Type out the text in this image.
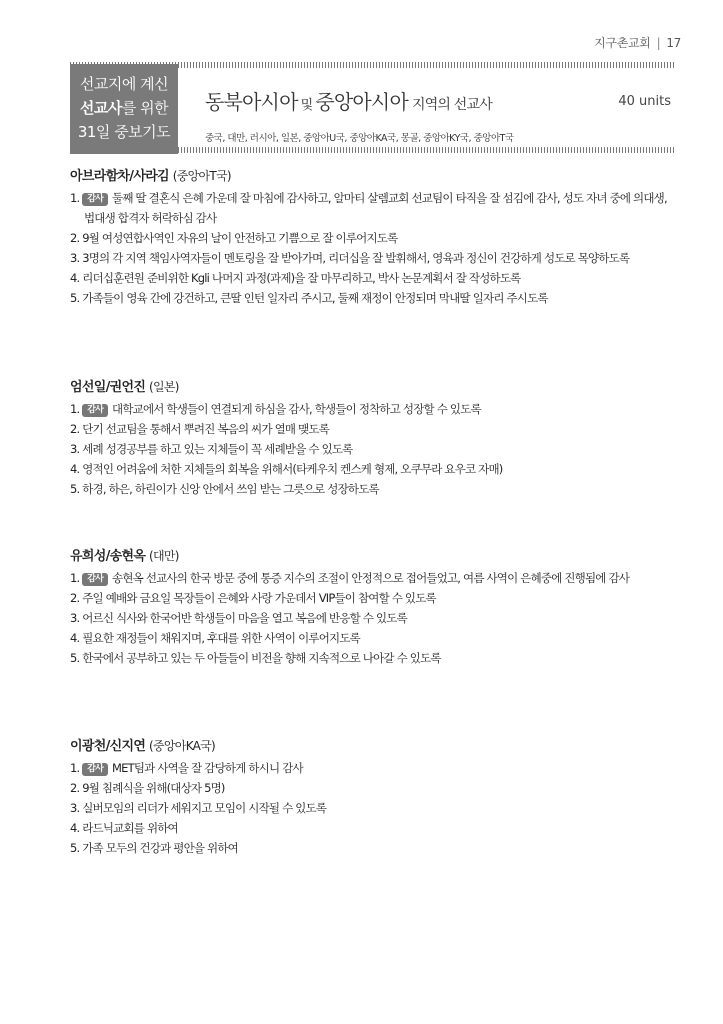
지구촌교회 | 17
선교지에 계신
선교사를 위한
31일 중보기도
동북아시아 및 중앙아시아 지역의 선교사	40 units
중국, 대만, 러시아, 일본, 중앙아U국, 중앙아KA국, 몽골, 중앙아KY국, 중앙아T국
아브라함차/사라김 (중앙아T국)
1. 감사 둘째 딸 결혼식 은혜 가운데 잘 마침에 감사하고, 알마티 살렘교회 선교팀이 타직을 잘 섬김에 감사, 성도 자녀 중에 의대생, 법대생 합격자 허락하심 감사
2. 9월 여성연합사역인 자유의 날이 안전하고 기쁨으로 잘 이루어지도록
3. 3명의 각 지역 책임사역자들이 멘토링을 잘 받아가며, 리더십을 잘 발휘해서, 영육과 정신이 건강하게 성도로 목양하도록
4. 리더십훈련원 준비위한 Kgli 나머지 과정(과제)을 잘 마무리하고, 박사 논문계획서 잘 작성하도록
5. 가족들이 영육 간에 강건하고, 큰딸 인턴 일자리 주시고, 둘째 재정이 안정되며 막내딸 일자리 주시도록
엄선일/권언진 (일본)
1. 감사 대학교에서 학생들이 연결되게 하심을 감사, 학생들이 정착하고 성장할 수 있도록
2. 단기 선교팀을 통해서 뿌려진 복음의 씨가 열매 맺도록
3. 세례 성경공부를 하고 있는 지체들이 꼭 세례받을 수 있도록
4. 영적인 어려움에 처한 지체들의 회복을 위해서(타케우치 켄스케 형제, 오쿠무라 요우코 자매)
5. 하경, 하은, 하린이가 신앙 안에서 쓰임 받는 그릇으로 성장하도록
유희성/송현옥 (대만)
1. 감사 송현옥 선교사의 한국 방문 중에 통증 지수의 조절이 안정적으로 접어들었고, 여름 사역이 은혜중에 진행됨에 감사
2. 주일 예배와 금요일 목장들이 은혜와 사랑 가운데서 VIP들이 참여할 수 있도록
3. 어르신 식사와 한국어반 학생들이 마음을 열고 복음에 반응할 수 있도록
4. 필요한 재정들이 채워지며, 후대를 위한 사역이 이루어지도록
5. 한국에서 공부하고 있는 두 아들들이 비전을 향해 지속적으로 나아갈 수 있도록
이광천/신지연 (중앙아KA국)
1. 감사 MET팀과 사역을 잘 감당하게 하시니 감사
2. 9월 침례식을 위해(대상자 5명)
3. 실버모임의 리더가 세워지고 모임이 시작될 수 있도록
4. 라드닉교회를 위하여
5. 가족 모두의 건강과 평안을 위하여
